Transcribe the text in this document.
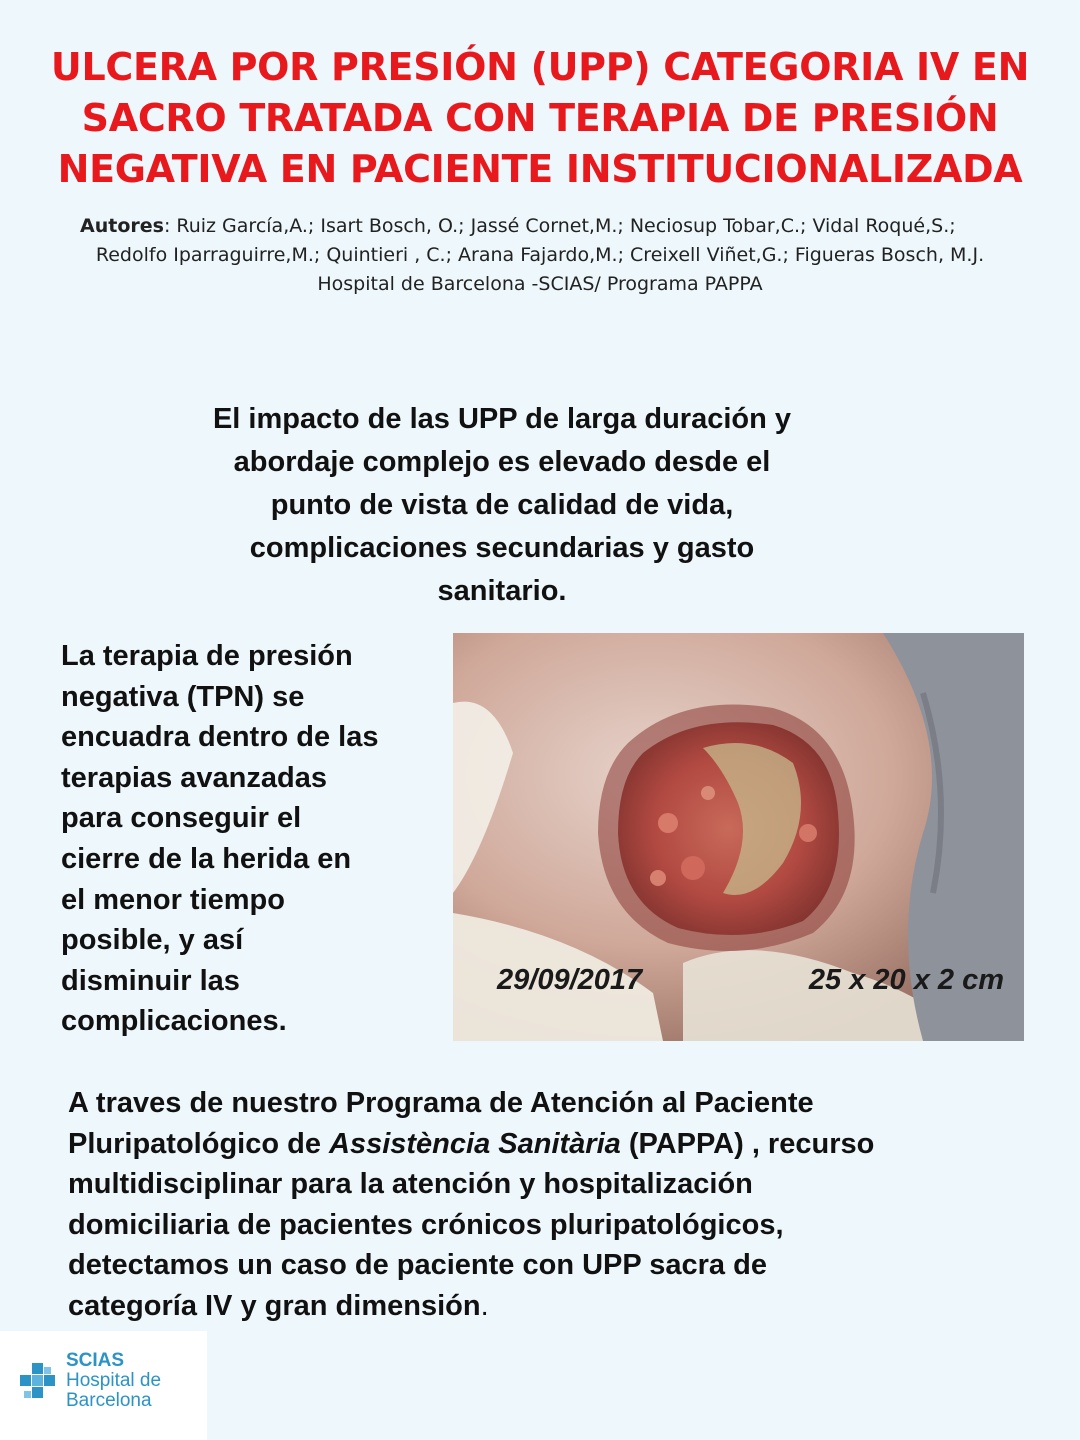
ULCERA POR PRESIÓN (UPP) CATEGORIA IV EN
SACRO TRATADA CON TERAPIA DE PRESIÓN
NEGATIVA EN PACIENTE INSTITUCIONALIZADA
Autores: Ruiz García,A.; Isart Bosch, O.; Jassé Cornet,M.; Neciosup Tobar,C.; Vidal Roqué,S.;
Redolfo Iparraguirre,M.; Quintieri , C.; Arana Fajardo,M.; Creixell Viñet,G.; Figueras Bosch, M.J.
Hospital de Barcelona -SCIAS/ Programa PAPPA
El impacto de las UPP de larga duración y
abordaje complejo es elevado desde el
punto de vista de calidad de vida,
complicaciones secundarias y gasto
sanitario.
La terapia de presión
negativa (TPN) se
encuadra dentro de las
terapias avanzadas
para conseguir el
cierre de la herida en
el menor tiempo
posible, y así
disminuir las
complicaciones.
29/09/2017	25 x 20 x 2 cm
A traves de nuestro Programa de Atención al Paciente
Pluripatológico de Assistència Sanitària (PAPPA) , recurso
multidisciplinar para la atención y hospitalización
domiciliaria de pacientes crónicos pluripatológicos,
detectamos un caso de paciente con UPP sacra de
categoría IV y gran dimensión.
SCIAS
Hospital de
Barcelona
